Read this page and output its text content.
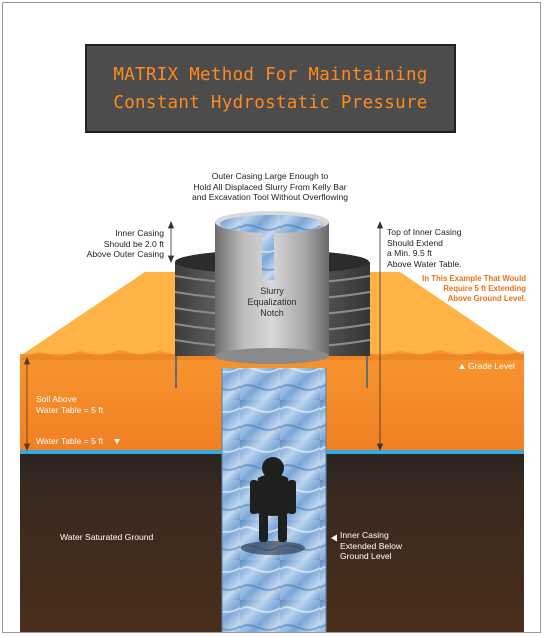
MATRIX Method For Maintaining
Constant Hydrostatic Pressure
Outer Casing Large Enough to
Hold All Displaced Slurry From Kelly Bar
and Excavation Tool Without Overflowing
Inner Casing
Should be 2.0 ft
Above Outer Casing
Top of Inner Casing
Should Extend
a Min. 9.5 ft
Above Water Table.
In This Example That Would
Require 5 ft Extending
Above Ground Level.
Slurry
Equalization
Notch
Grade Level
Soil Above
Water Table = 5 ft
Water Table = 5 ft
Water Saturated Ground	Inner Casing
Extended Below
Ground Level
